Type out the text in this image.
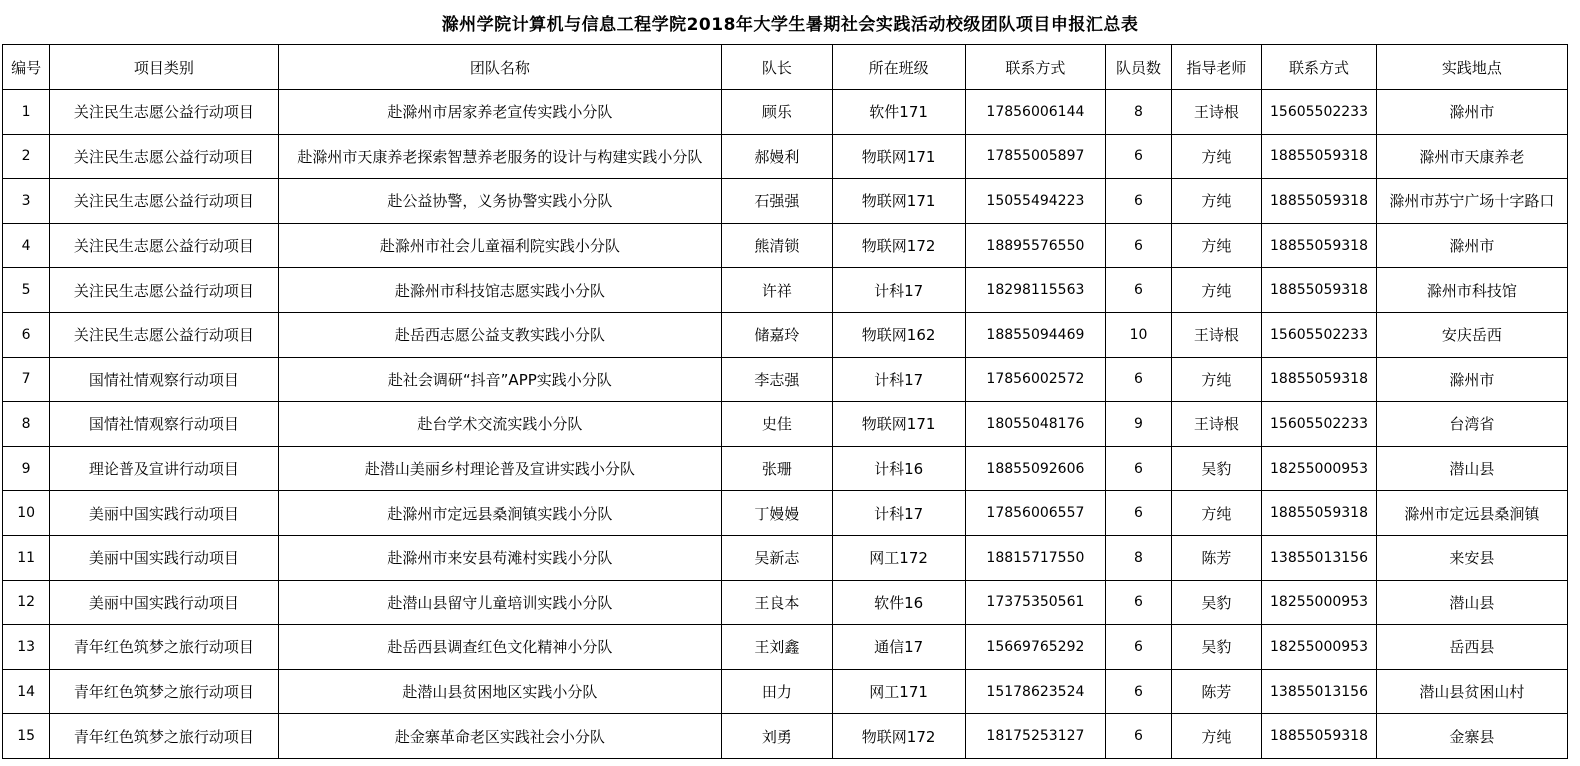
滁州学院计算机与信息工程学院2018年大学生暑期社会实践活动校级团队项目申报汇总表
编号	项目类别	团队名称	队长	所在班级	联系方式	队员数	指导老师	联系方式	实践地点
1	关注民生志愿公益行动项目	赴滁州市居家养老宣传实践小分队	顾乐	软件171	17856006144	8	王诗根	15605502233	滁州市
2	关注民生志愿公益行动项目	赴滁州市天康养老探索智慧养老服务的设计与构建实践小分队	郝嫚利	物联网171	17855005897	6	方纯	18855059318	滁州市天康养老
3	关注民生志愿公益行动项目	赴公益协警，义务协警实践小分队	石强强	物联网171	15055494223	6	方纯	18855059318	滁州市苏宁广场十字路口
4	关注民生志愿公益行动项目	赴滁州市社会儿童福利院实践小分队	熊清锁	物联网172	18895576550	6	方纯	18855059318	滁州市
5	关注民生志愿公益行动项目	赴滁州市科技馆志愿实践小分队	许祥	计科17	18298115563	6	方纯	18855059318	滁州市科技馆
6	关注民生志愿公益行动项目	赴岳西志愿公益支教实践小分队	储嘉玲	物联网162	18855094469	10	王诗根	15605502233	安庆岳西
7	国情社情观察行动项目	赴社会调研“抖音”APP实践小分队	李志强	计科17	17856002572	6	方纯	18855059318	滁州市
8	国情社情观察行动项目	赴台学术交流实践小分队	史佳	物联网171	18055048176	9	王诗根	15605502233	台湾省
9	理论普及宣讲行动项目	赴潜山美丽乡村理论普及宣讲实践小分队	张珊	计科16	18855092606	6	吴豹	18255000953	潜山县
10	美丽中国实践行动项目	赴滁州市定远县桑涧镇实践小分队	丁嫚嫚	计科17	17856006557	6	方纯	18855059318	滁州市定远县桑涧镇
11	美丽中国实践行动项目	赴滁州市来安县苟滩村实践小分队	吴新志	网工172	18815717550	8	陈芳	13855013156	来安县
12	美丽中国实践行动项目	赴潜山县留守儿童培训实践小分队	王良本	软件16	17375350561	6	吴豹	18255000953	潜山县
13	青年红色筑梦之旅行动项目	赴岳西县调查红色文化精神小分队	王刘鑫	通信17	15669765292	6	吴豹	18255000953	岳西县
14	青年红色筑梦之旅行动项目	赴潜山县贫困地区实践小分队	田力	网工171	15178623524	6	陈芳	13855013156	潜山县贫困山村
15	青年红色筑梦之旅行动项目	赴金寨革命老区实践社会小分队	刘勇	物联网172	18175253127	6	方纯	18855059318	金寨县
